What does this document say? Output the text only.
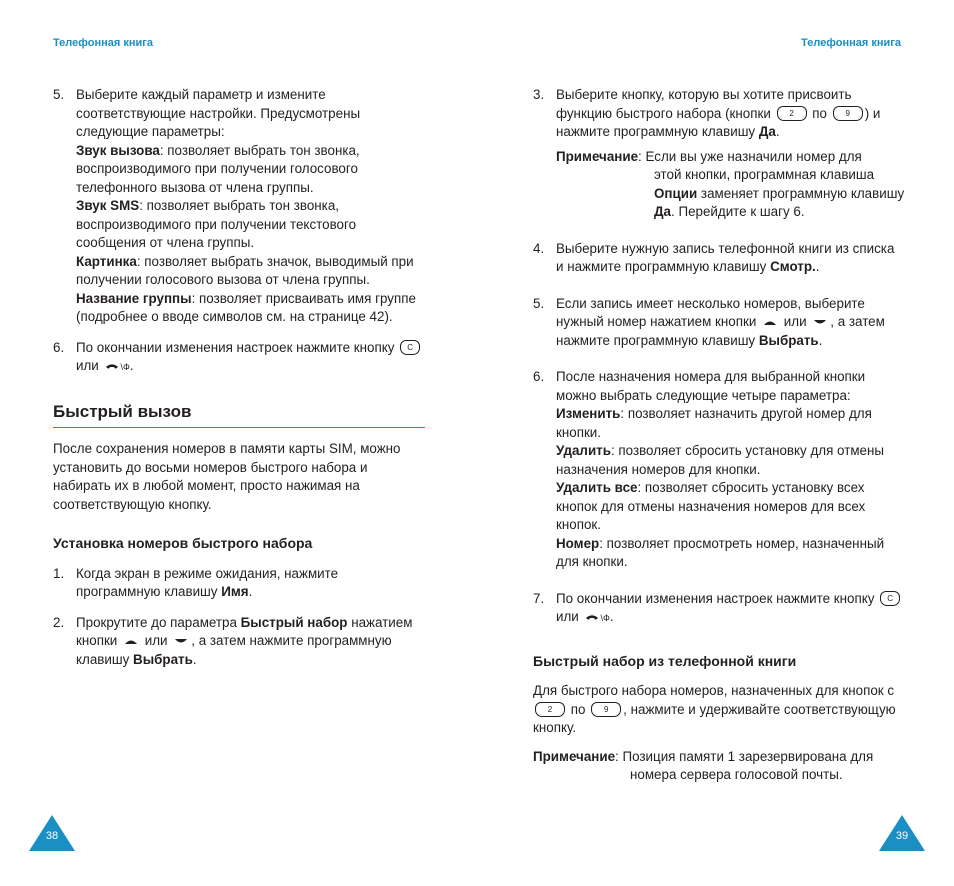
Телефонная книга
5. Выберите каждый параметр и измените соответствующие настройки. Предусмотрены следующие параметры:

Звук вызова: позволяет выбрать тон звонка, воспроизводимого при получении голосового телефонного вызова от члена группы.

Звук SMS: позволяет выбрать тон звонка, воспроизводимого при получении текстового сообщения от члена группы.

Картинка: позволяет выбрать значок, выводимый при получении голосового вызова от члена группы.

Название группы: позволяет присваивать имя группе (подробнее о вводе символов см. на странице 42).

6. По окончании изменения настроек нажмите кнопку C или \Ф.

Быстрый вызов

После сохранения номеров в памяти карты SIM, можно установить до восьми номеров быстрого набора и набирать их в любой момент, просто нажимая на соответствующую кнопку.

Установка номеров быстрого набора
1. Когда экран в режиме ожидания, нажмите программную клавишу Имя.

2. Прокрутите до параметра Быстрый набор нажатием кнопки или , а затем нажмите программную клавишу Выбрать.

38
Телефонная книга
3. Выберите кнопку, которую вы хотите присвоить функцию быстрого набора (кнопки 2 по 9 ) и нажмите программную клавишу Да.

Примечание: Если вы уже назначили номер для
этой кнопки, программная клавиша Опции заменяет программную клавишу Да. Перейдите к шагу 6.
4. Выберите нужную запись телефонной книги из списка и нажмите программную клавишу Смотр..

5. Если запись имеет несколько номеров, выберите нужный номер нажатием кнопки или , а затем нажмите программную клавишу Выбрать.

6. После назначения номера для выбранной кнопки можно выбрать следующие четыре параметра:

Изменить: позволяет назначить другой номер для кнопки.

Удалить: позволяет сбросить установку для отмены назначения номеров для кнопки.

Удалить все: позволяет сбросить установку всех кнопок для отмены назначения номеров для всех кнопок.

Номер: позволяет просмотреть номер, назначенный для кнопки.

7. По окончании изменения настроек нажмите кнопку C или \Ф.

Быстрый набор из телефонной книги

Для быстрого набора номеров, назначенных для кнопок с 2 по 9 , нажмите и удерживайте соответствующую кнопку.

Примечание: Позиция памяти 1 зарезервирована для
номера сервера голосовой почты.
39
